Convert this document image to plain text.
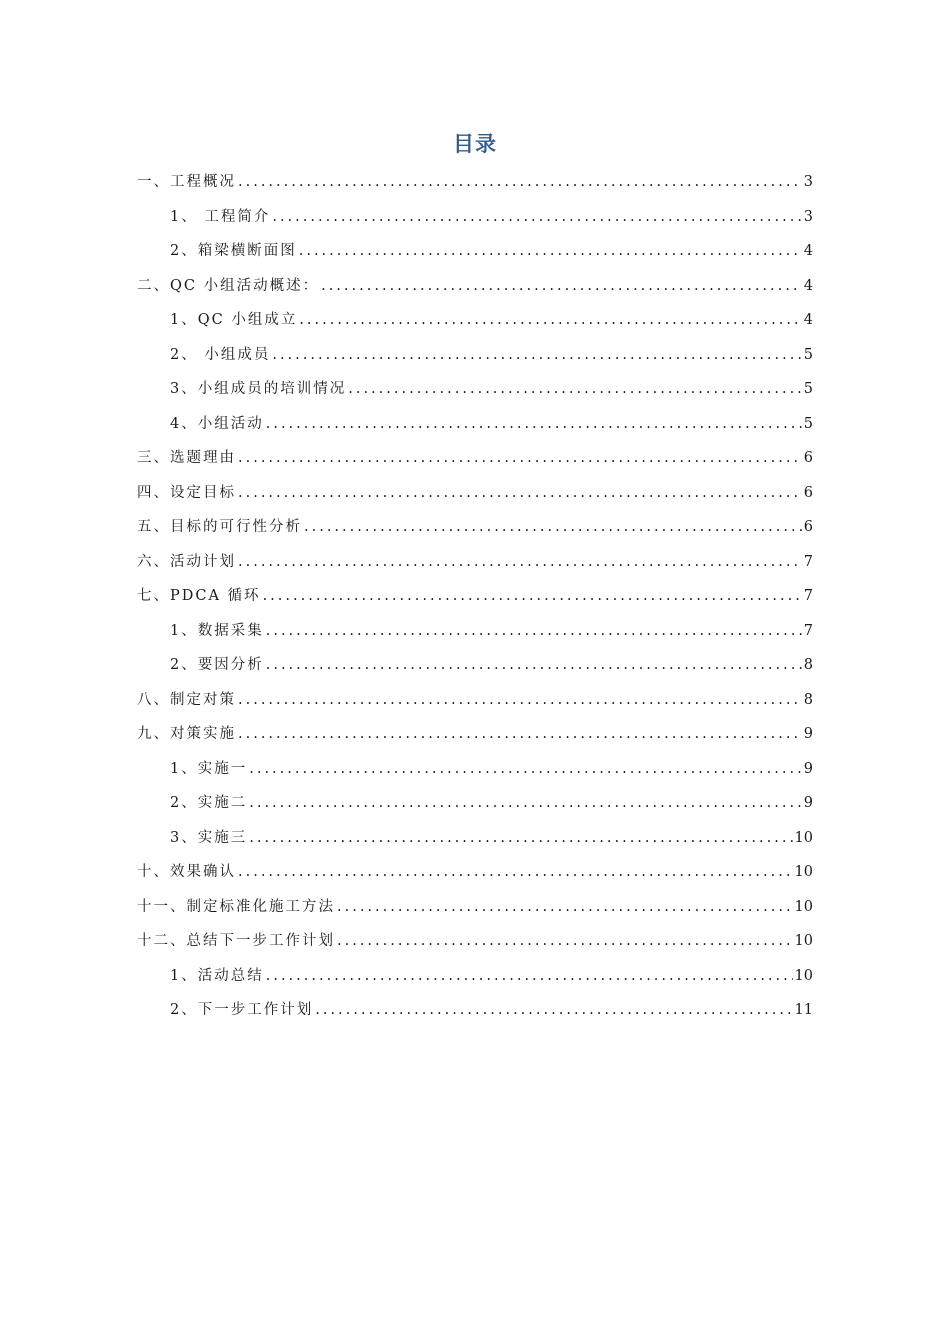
目录
一、工程概况 .....	3
1、 工程简介 .....	3
2、箱梁横断面图 .....	4
二、QC 小组活动概述： .....	4
1、QC 小组成立 .....	4
2、 小组成员 .....	5
3、小组成员的培训情况 .....	5
4、小组活动 .....	5
三、选题理由 .....	6
四、设定目标 .....	6
五、目标的可行性分析 .....	6
六、活动计划 .....	7
七、PDCA 循环 .....	7
1、数据采集 .....	7
2、要因分析 .....	8
八、制定对策 .....	8
九、对策实施 .....	9
1、实施一 .....	9
2、实施二 .....	9
3、实施三 .....	10
十、效果确认 .....	10
十一、制定标准化施工方法 .....	10
十二、总结下一步工作计划 .....	10
1、活动总结 .....	10
2、下一步工作计划 .....	11
